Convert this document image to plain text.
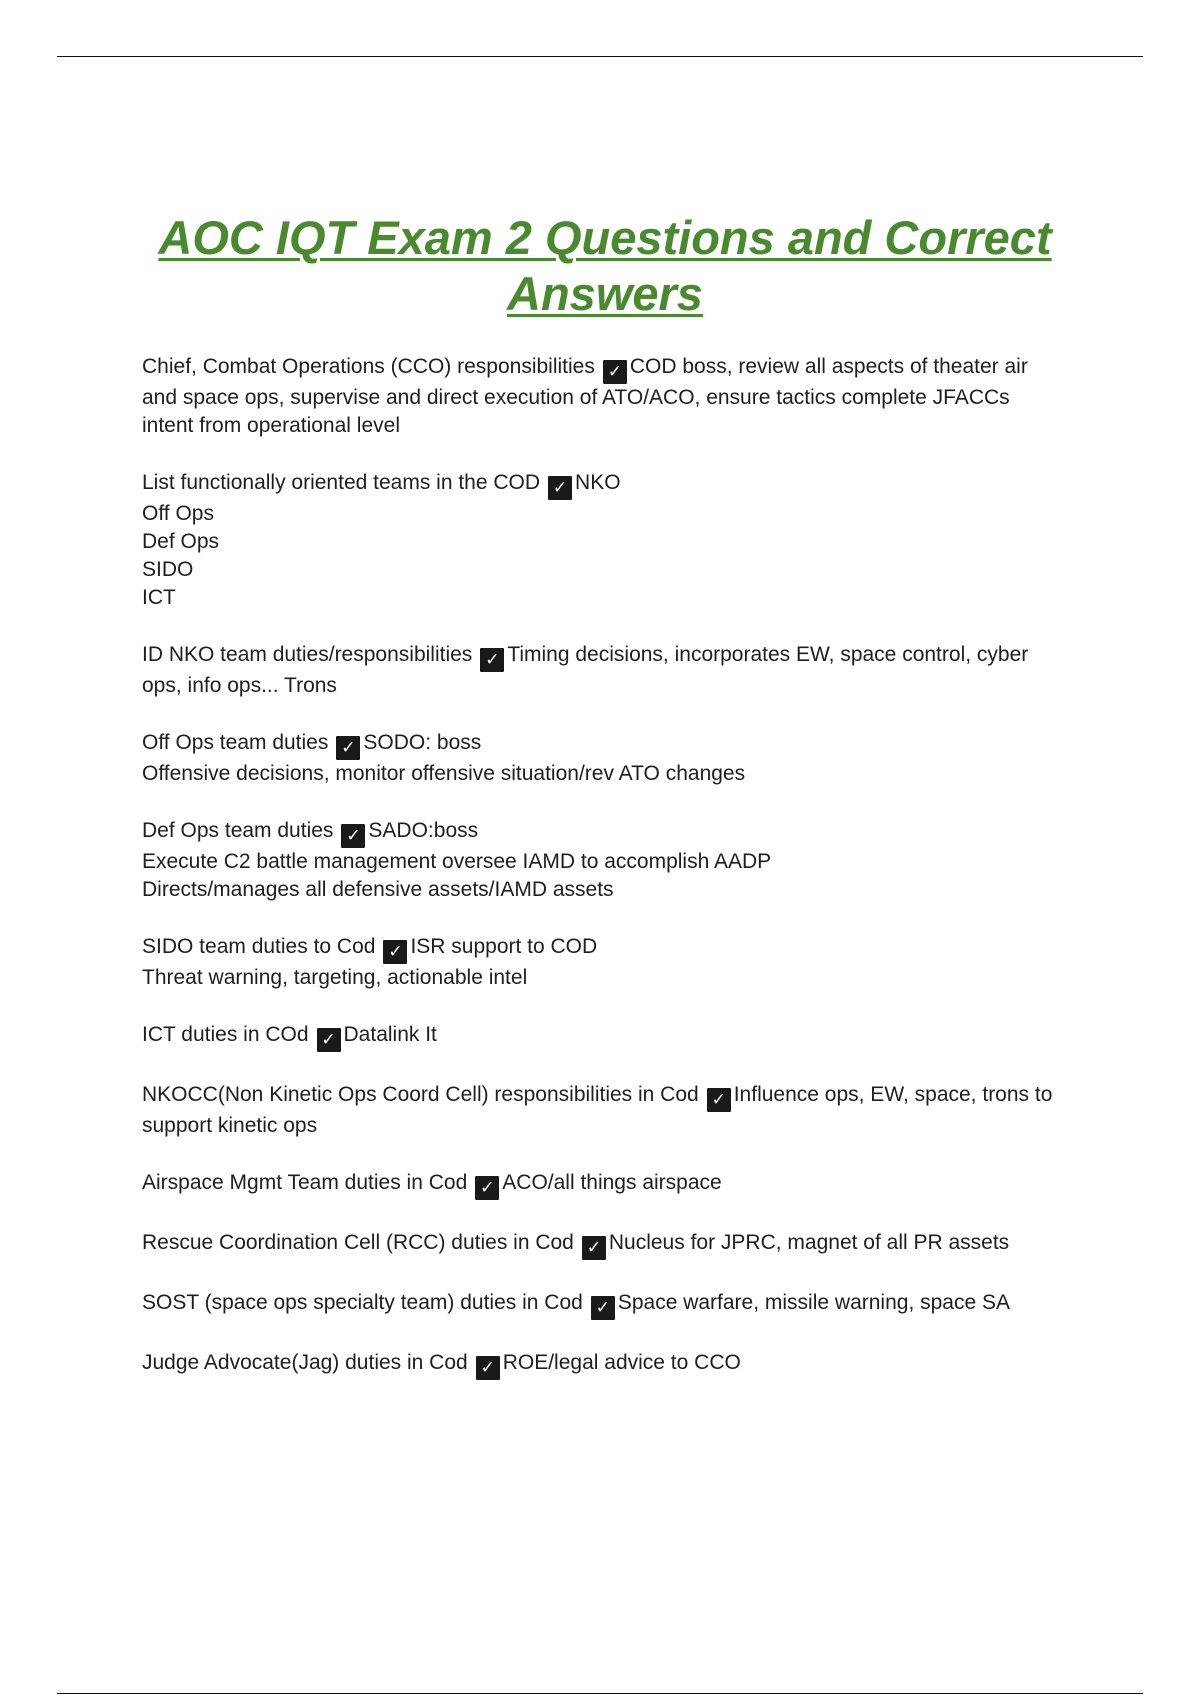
AOC IQT Exam 2 Questions and Correct Answers

Chief, Combat Operations (CCO) responsibilities ✓ COD boss, review all aspects of theater air and space ops, supervise and direct execution of ATO/ACO, ensure tactics complete JFACCs intent from operational level

List functionally oriented teams in the COD ✓ NKO
Off Ops
Def Ops
SIDO
ICT

ID NKO team duties/responsibilities ✓ Timing decisions, incorporates EW, space control, cyber ops, info ops... Trons

Off Ops team duties ✓ SODO: boss
Offensive decisions, monitor offensive situation/rev ATO changes

Def Ops team duties ✓ SADO:boss
Execute C2 battle management oversee IAMD to accomplish AADP
Directs/manages all defensive assets/IAMD assets

SIDO team duties to Cod ✓ ISR support to COD
Threat warning, targeting, actionable intel

ICT duties in COd ✓ Datalink It

NKOCC(Non Kinetic Ops Coord Cell) responsibilities in Cod ✓ Influence ops, EW, space, trons to support kinetic ops

Airspace Mgmt Team duties in Cod ✓ ACO/all things airspace

Rescue Coordination Cell (RCC) duties in Cod ✓ Nucleus for JPRC, magnet of all PR assets

SOST (space ops specialty team) duties in Cod ✓ Space warfare, missile warning, space SA

Judge Advocate(Jag) duties in Cod ✓ ROE/legal advice to CCO
